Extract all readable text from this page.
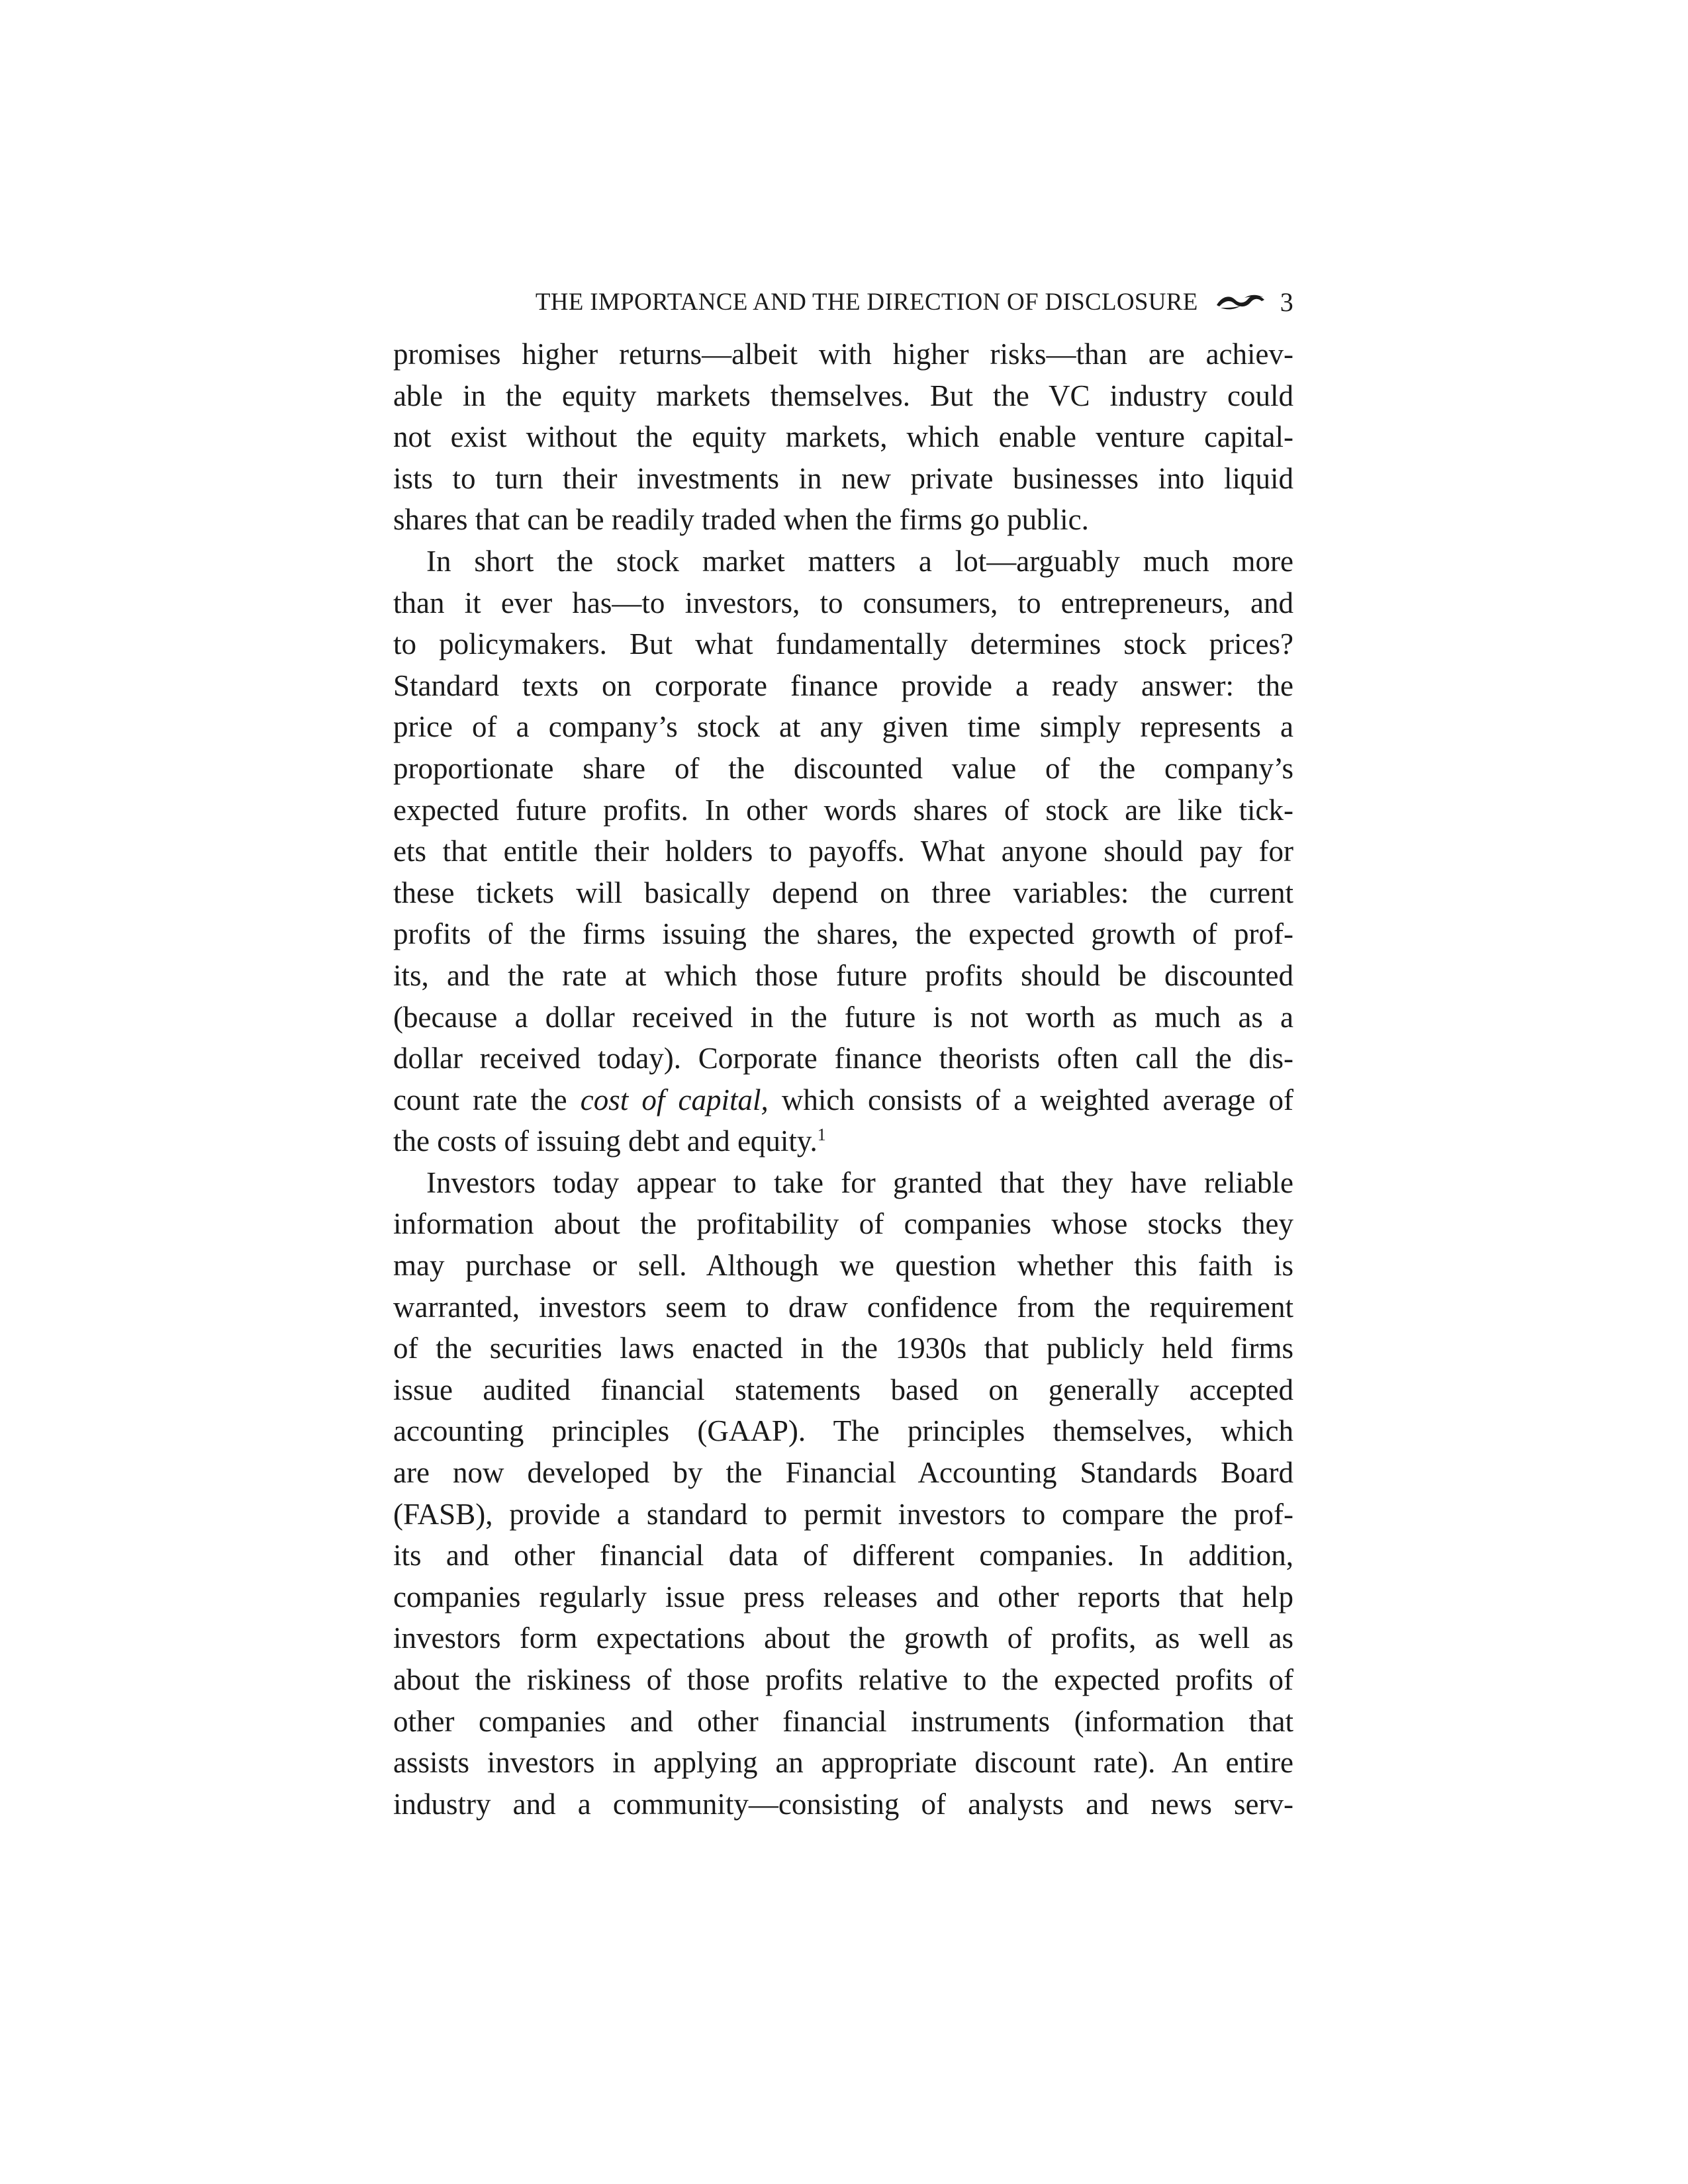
THE IMPORTANCE AND THE DIRECTION OF DISCLOSURE	3
promises higher returns—albeit with higher risks—than are achiev-
able in the equity markets themselves. But the VC industry could
not exist without the equity markets, which enable venture capital-
ists to turn their investments in new private businesses into liquid
shares that can be readily traded when the firms go public.
In short the stock market matters a lot—arguably much more
than it ever has—to investors, to consumers, to entrepreneurs, and
to policymakers. But what fundamentally determines stock prices?
Standard texts on corporate finance provide a ready answer: the
price of a company’s stock at any given time simply represents a
proportionate share of the discounted value of the company’s
expected future profits. In other words shares of stock are like tick-
ets that entitle their holders to payoffs. What anyone should pay for
these tickets will basically depend on three variables: the current
profits of the firms issuing the shares, the expected growth of prof-
its, and the rate at which those future profits should be discounted
(because a dollar received in the future is not worth as much as a
dollar received today). Corporate finance theorists often call the dis-
count rate the cost of capital, which consists of a weighted average of
the costs of issuing debt and equity.$^1$
Investors today appear to take for granted that they have reliable
information about the profitability of companies whose stocks they
may purchase or sell. Although we question whether this faith is
warranted, investors seem to draw confidence from the requirement
of the securities laws enacted in the 1930s that publicly held firms
issue audited financial statements based on generally accepted
accounting principles (GAAP). The principles themselves, which
are now developed by the Financial Accounting Standards Board
(FASB), provide a standard to permit investors to compare the prof-
its and other financial data of different companies. In addition,
companies regularly issue press releases and other reports that help
investors form expectations about the growth of profits, as well as
about the riskiness of those profits relative to the expected profits of
other companies and other financial instruments (information that
assists investors in applying an appropriate discount rate). An entire
industry and a community—consisting of analysts and news serv-
